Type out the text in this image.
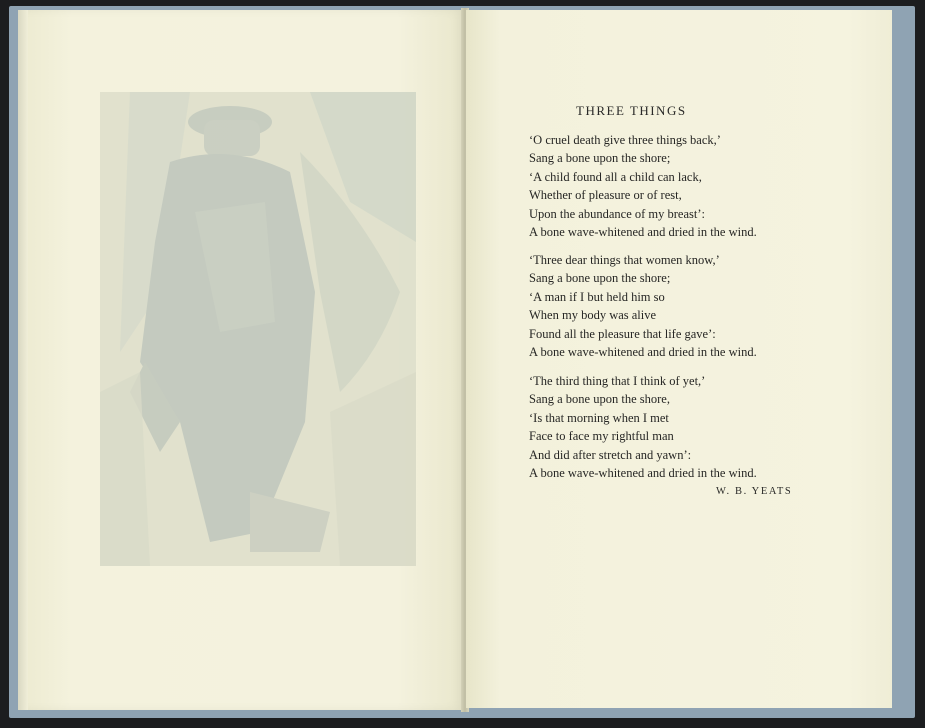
THREE THINGS
‘O cruel death give three things back,’
Sang a bone upon the shore;
‘A child found all a child can lack,
Whether of pleasure or of rest,
Upon the abundance of my breast’:
A bone wave-whitened and dried in the wind.
‘Three dear things that women know,’
Sang a bone upon the shore;
‘A man if I but held him so
When my body was alive
Found all the pleasure that life gave’:
A bone wave-whitened and dried in the wind.
‘The third thing that I think of yet,’
Sang a bone upon the shore,
‘Is that morning when I met
Face to face my rightful man
And did after stretch and yawn’:
A bone wave-whitened and dried in the wind.
W. B. YEATS
